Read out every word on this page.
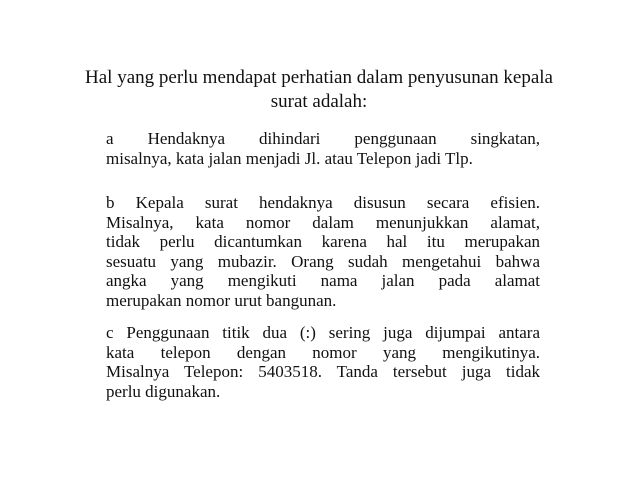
Hal yang perlu mendapat perhatian dalam penyusunan kepala
surat adalah:
a Hendaknya dihindari penggunaan singkatan,
misalnya, kata jalan menjadi Jl. atau Telepon jadi Tlp.
b Kepala surat hendaknya disusun secara efisien.
Misalnya, kata nomor dalam menunjukkan alamat,
tidak perlu dicantumkan karena hal itu merupakan
sesuatu yang mubazir. Orang sudah mengetahui bahwa
angka yang mengikuti nama jalan pada alamat
merupakan nomor urut bangunan.
c Penggunaan titik dua (:) sering juga dijumpai antara
kata telepon dengan nomor yang mengikutinya.
Misalnya Telepon: 5403518. Tanda tersebut juga tidak
perlu digunakan.
